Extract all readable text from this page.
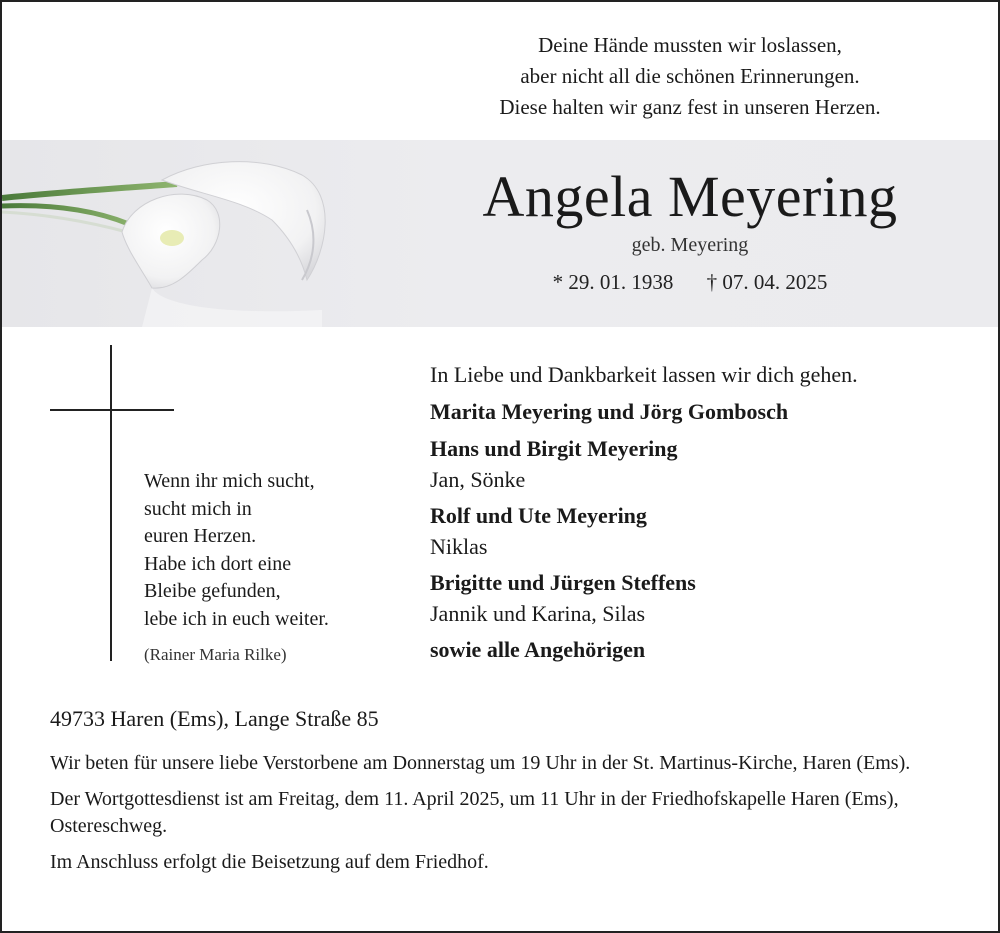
Deine Hände mussten wir loslassen,
aber nicht all die schönen Erinnerungen.
Diese halten wir ganz fest in unseren Herzen.
Angela Meyering
geb. Meyering
* 29. 01. 1938 † 07. 04. 2025
Wenn ihr mich sucht,
sucht mich in
euren Herzen.
Habe ich dort eine
Bleibe gefunden,
lebe ich in euch weiter.
(Rainer Maria Rilke)
In Liebe und Dankbarkeit lassen wir dich gehen.
Marita Meyering und Jörg Gombosch
Hans und Birgit Meyering
Jan, Sönke
Rolf und Ute Meyering
Niklas
Brigitte und Jürgen Steffens
Jannik und Karina, Silas
sowie alle Angehörigen
49733 Haren (Ems), Lange Straße 85

Wir beten für unsere liebe Verstorbene am Donnerstag um 19 Uhr in der St. Martinus-Kirche, Haren (Ems).

Der Wortgottesdienst ist am Freitag, dem 11. April 2025, um 11 Uhr in der Friedhofskapelle Haren (Ems), Ostereschweg.

Im Anschluss erfolgt die Beisetzung auf dem Friedhof.
